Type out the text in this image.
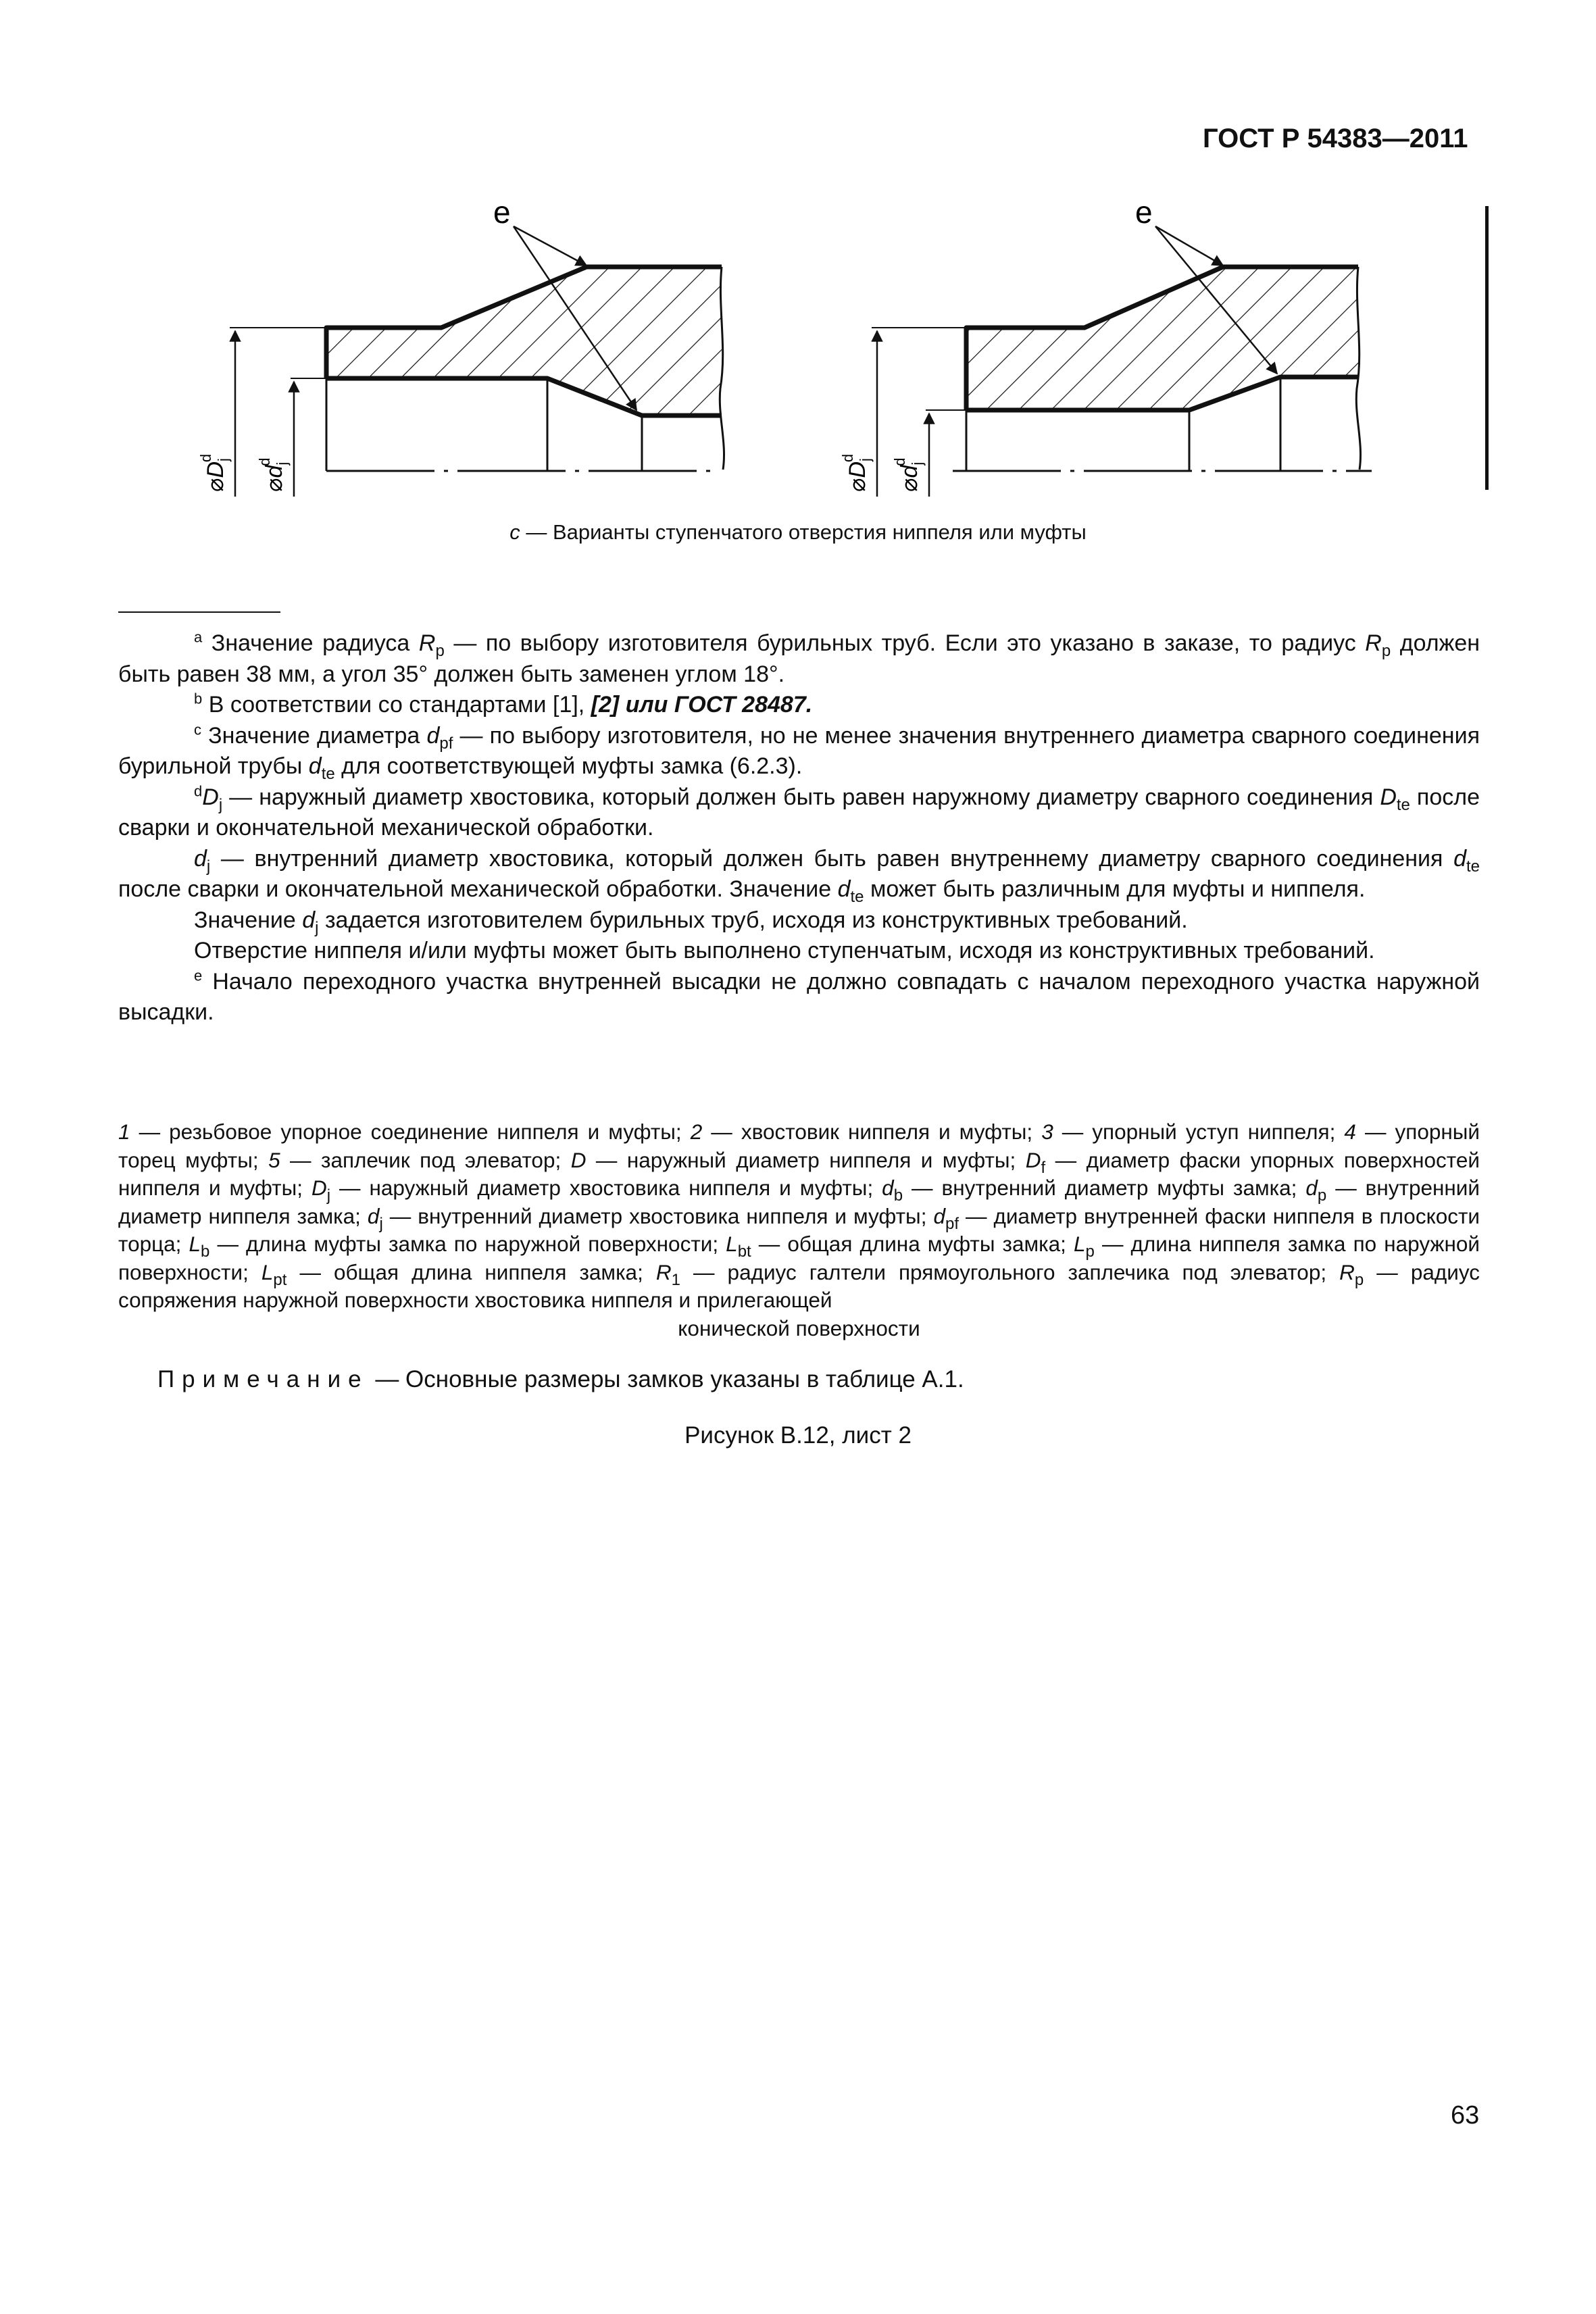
ГОСТ Р 54383—2011
e
$⌀D_jd$
$⌀d_jd$
e
$⌀D_jd$
$⌀d_jd$
c — Варианты ступенчатого отверстия ниппеля или муфты

$^a$ Значение радиуса $R_p$ — по выбору изготовителя бурильных труб. Если это указано в заказе, то радиус $R_p$ должен быть равен 38 мм, а угол 35° должен быть заменен углом 18°.

$^b$ В соответствии со стандартами [1], [2] или ГОСТ 28487.

$^c$ Значение диаметра $d_{pf}$ — по выбору изготовителя, но не менее значения внутреннего диаметра сварного соединения бурильной трубы $d_{te}$ для соответствующей муфты замка (6.2.3).

$^dD_j$ — наружный диаметр хвостовика, который должен быть равен наружному диаметру сварного соединения $D_{te}$ после сварки и окончательной механической обработки.

$d_j$ — внутренний диаметр хвостовика, который должен быть равен внутреннему диаметру сварного соединения $d_{te}$ после сварки и окончательной механической обработки. Значение $d_{te}$ может быть различным для муфты и ниппеля.

Значение $d_j$ задается изготовителем бурильных труб, исходя из конструктивных требований.

Отверстие ниппеля и/или муфты может быть выполнено ступенчатым, исходя из конструктивных требований.

$^e$ Начало переходного участка внутренней высадки не должно совпадать с началом переходного участка наружной высадки.

1 — резьбовое упорное соединение ниппеля и муфты; 2 — хвостовик ниппеля и муфты; 3 — упорный уступ ниппеля; 4 — упорный торец муфты; 5 — заплечик под элеватор; D — наружный диаметр ниппеля и муфты; $D_f$ — диаметр фаски упорных поверхностей ниппеля и муфты; $D_j$ — наружный диаметр хвостовика ниппеля и муфты; $d_b$ — внутренний диаметр муфты замка; $d_p$ — внутренний диаметр ниппеля замка; $d_j$ — внутренний диаметр хвостовика ниппеля и муфты; $d_{pf}$ — диаметр внутренней фаски ниппеля в плоскости торца; $L_b$ — длина муфты замка по наружной поверхности; $L_{bt}$ — общая длина муфты замка; $L_p$ — длина ниппеля замка по наружной поверхности; $L_{pt}$ — общая длина ниппеля замка; $R_1$ — радиус галтели прямоугольного заплечика под элеватор; $R_p$ — радиус сопряжения наружной поверхности хвостовика ниппеля и прилегающей
конической поверхности
Примечание — Основные размеры замков указаны в таблице А.1.
Рисунок В.12, лист 2
63
